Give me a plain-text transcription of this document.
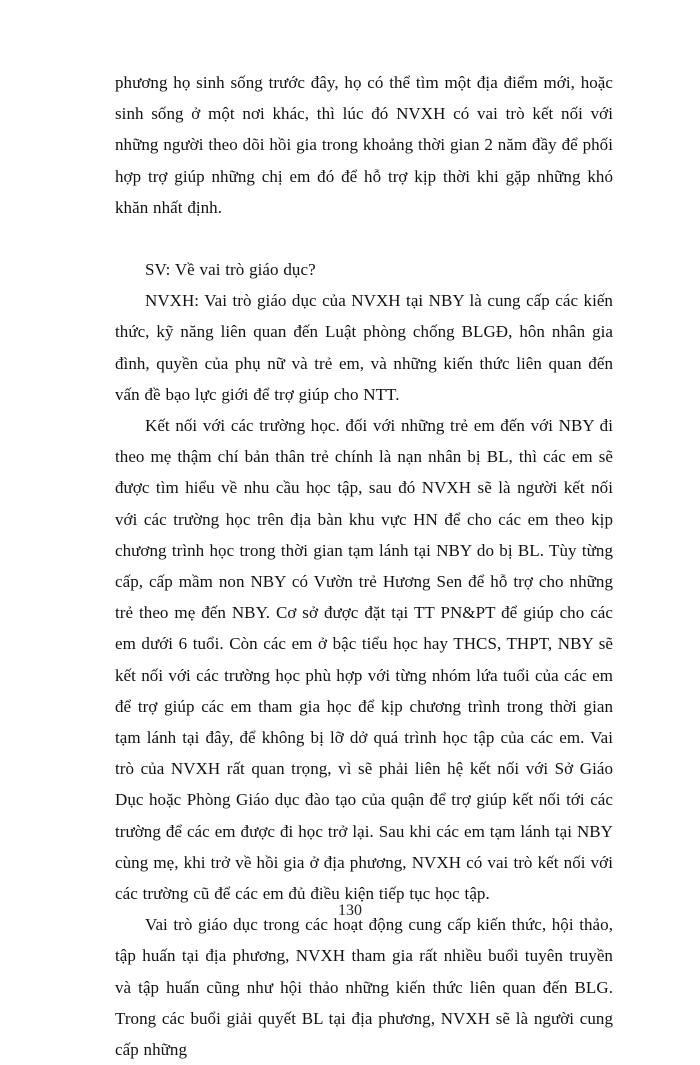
phương họ sinh sống trước đây, họ có thể tìm một địa điểm mới, hoặc sinh sống ở một nơi khác, thì lúc đó NVXH có vai trò kết nối với những người theo dõi hồi gia trong khoảng thời gian 2 năm đầy để phối hợp trợ giúp những chị em đó để hỗ trợ kịp thời khi gặp những khó khăn nhất định.

SV: Về vai trò giáo dục?

NVXH: Vai trò giáo dục của NVXH tại NBY là cung cấp các kiến thức, kỹ năng liên quan đến Luật phòng chống BLGĐ, hôn nhân gia đình, quyền của phụ nữ và trẻ em, và những kiến thức liên quan đến vấn đề bạo lực giới để trợ giúp cho NTT.

Kết nối với các trường học. đối với những trẻ em đến với NBY đi theo mẹ thậm chí bản thân trẻ chính là nạn nhân bị BL, thì các em sẽ được tìm hiểu về nhu cầu học tập, sau đó NVXH sẽ là người kết nối với các trường học trên địa bàn khu vực HN để cho các em theo kịp chương trình học trong thời gian tạm lánh tại NBY do bị BL. Tùy từng cấp, cấp mầm non NBY có Vườn trẻ Hương Sen để hỗ trợ cho những trẻ theo mẹ đến NBY. Cơ sở được đặt tại TT PN&PT để giúp cho các em dưới 6 tuổi. Còn các em ở bậc tiểu học hay THCS, THPT, NBY sẽ kết nối với các trường học phù hợp với từng nhóm lứa tuổi của các em để trợ giúp các em tham gia học để kịp chương trình trong thời gian tạm lánh tại đây, để không bị lỡ dở quá trình học tập của các em. Vai trò của NVXH rất quan trọng, vì sẽ phải liên hệ kết nối với Sở Giáo Dục hoặc Phòng Giáo dục đào tạo của quận để trợ giúp kết nối tới các trường để các em được đi học trở lại. Sau khi các em tạm lánh tại NBY cùng mẹ, khi trở về hồi gia ở địa phương, NVXH có vai trò kết nối với các trường cũ để các em đủ điều kiện tiếp tục học tập.

Vai trò giáo dục trong các hoạt động cung cấp kiến thức, hội thảo, tập huấn tại địa phương, NVXH tham gia rất nhiều buổi tuyên truyền và tập huấn cũng như hội thảo những kiến thức liên quan đến BLG. Trong các buổi giải quyết BL tại địa phương, NVXH sẽ là người cung cấp những

130
